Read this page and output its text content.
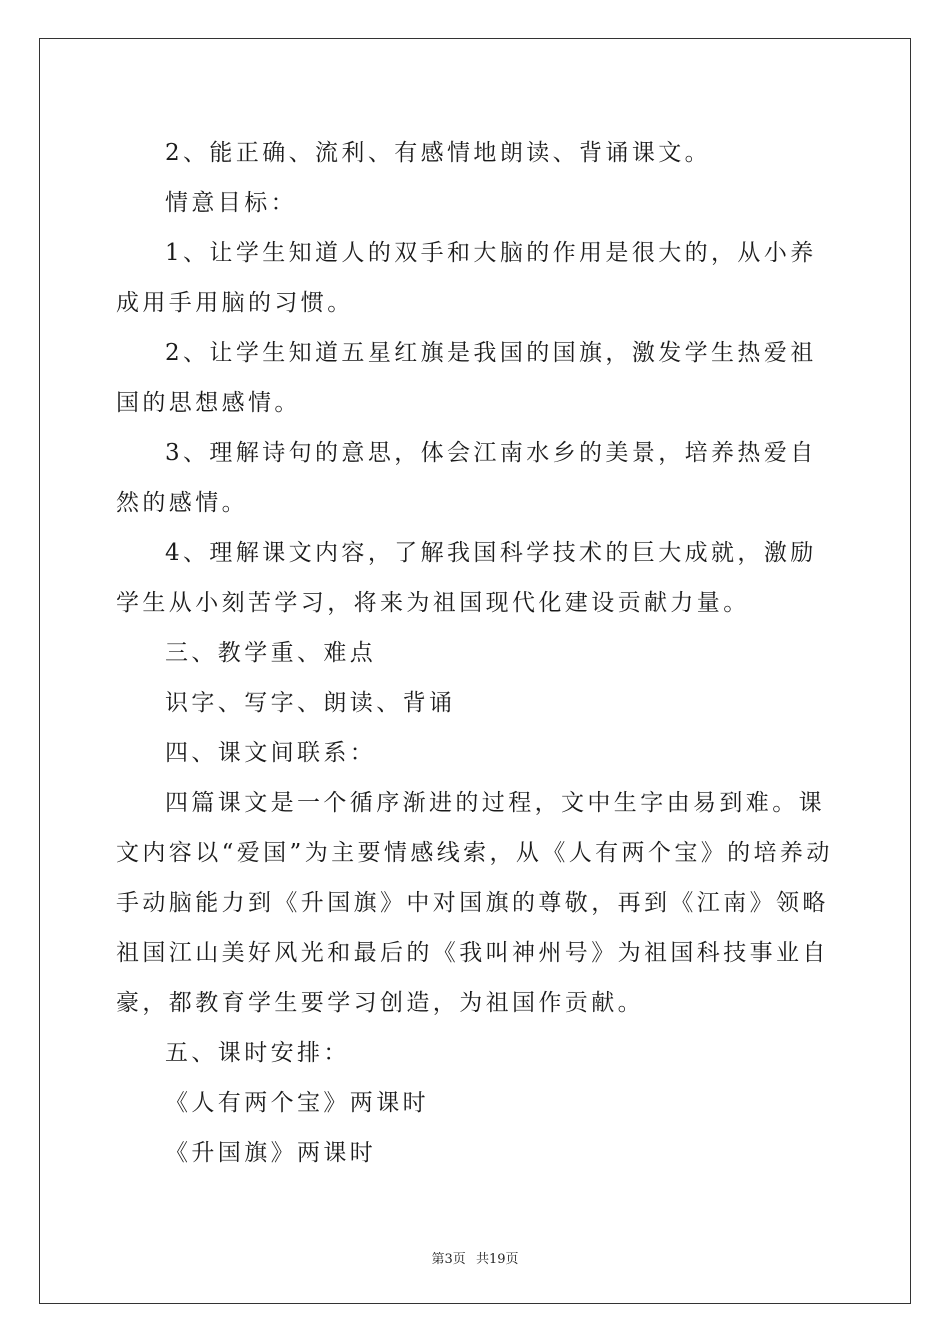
2、能正确、流利、有感情地朗读、背诵课文。

情意目标：

1、让学生知道人的双手和大脑的作用是很大的，从小养成用手用脑的习惯。

2、让学生知道五星红旗是我国的国旗，激发学生热爱祖国的思想感情。

3、理解诗句的意思，体会江南水乡的美景，培养热爱自然的感情。

4、理解课文内容，了解我国科学技术的巨大成就，激励学生从小刻苦学习，将来为祖国现代化建设贡献力量。

三、教学重、难点

识字、写字、朗读、背诵

四、课文间联系：

四篇课文是一个循序渐进的过程，文中生字由易到难。课文内容以“爱国”为主要情感线索，从《人有两个宝》的培养动手动脑能力到《升国旗》中对国旗的尊敬，再到《江南》领略祖国江山美好风光和最后的《我叫神州号》为祖国科技事业自豪，都教育学生要学习创造，为祖国作贡献。

五、课时安排：

《人有两个宝》两课时

《升国旗》两课时

第3页 共19页
